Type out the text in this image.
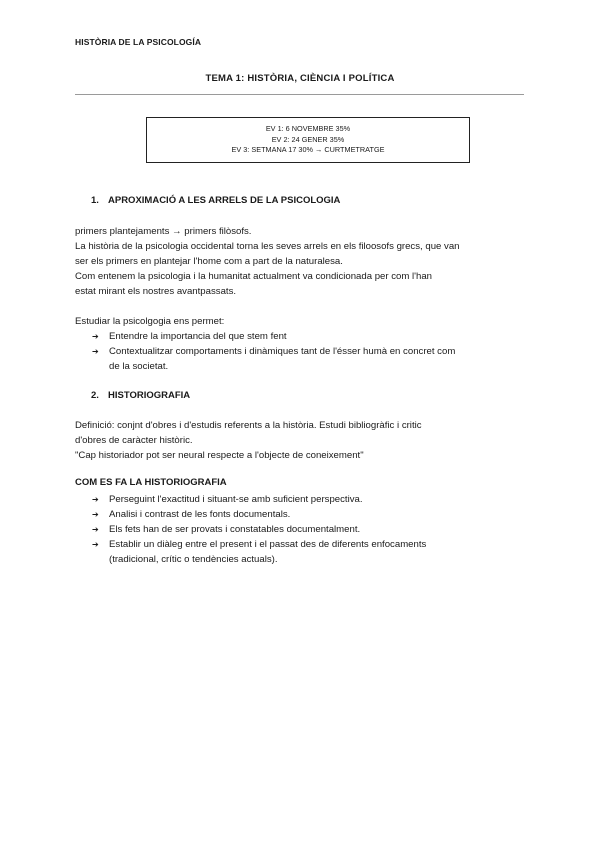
HISTÒRIA DE LA PSICOLOGÍA
TEMA 1: HISTÒRIA, CIÈNCIA I POLÍTICA
EV 1: 6 NOVEMBRE 35%
EV 2: 24 GENER 35%
EV 3: SETMANA 17 30% → CURTMETRATGE
1. APROXIMACIÓ A LES ARRELS DE LA PSICOLOGIA
primers plantejaments → primers filòsofs.
La història de la psicologia occidental torna les seves arrels en els filoosofs grecs, que van
ser els primers en plantejar l'home com a part de la naturalesa.
Com entenem la psicologia i la humanitat actualment va condicionada per com l'han
estat mirant els nostres avantpassats.
Estudiar la psicolgogia ens permet:
➔ Entendre la importancia del que stem fent
➔ Contextualitzar comportaments i dinàmiques tant de l'ésser humà en concret com
de la societat.
2. HISTORIOGRAFIA
Definició: conjnt d'obres i d'estudis referents a la història. Estudi bibliogràfic i critic
d'obres de caràcter històric.
"Cap historiador pot ser neural respecte a l'objecte de coneixement"
COM ES FA LA HISTORIOGRAFIA
➔ Perseguint l'exactitud i situant-se amb suficient perspectiva.
➔ Analisi i contrast de les fonts documentals.
➔ Els fets han de ser provats i constatables documentalment.
➔ Establir un diàleg entre el present i el passat des de diferents enfocaments
(tradicional, crític o tendències actuals).
